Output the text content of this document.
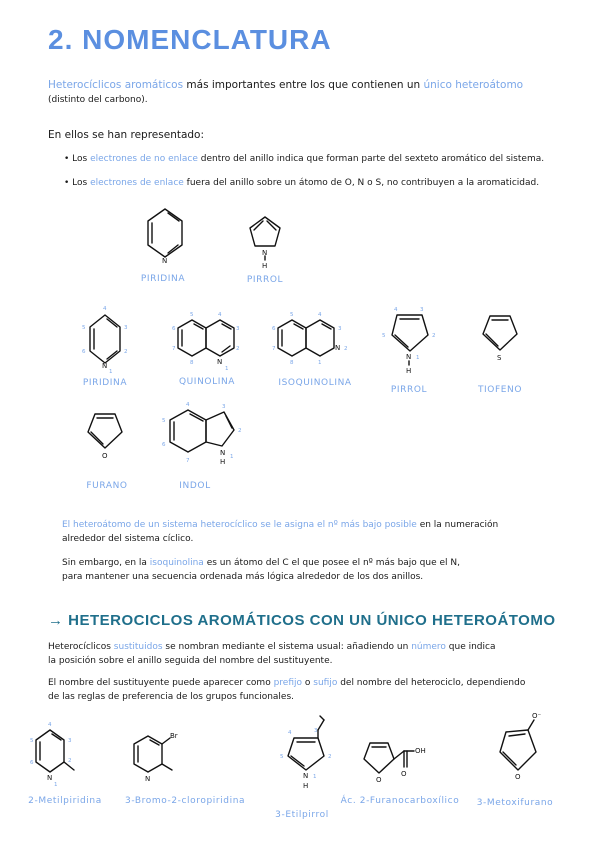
2. NOMENCLATURA
Heterocíclicos aromáticos más importantes entre los que contienen un único heteroátomo
(distinto del carbono).
En ellos se han representado:
• Los electrones de no enlace dentro del anillo indica que forman parte del sexteto aromático del sistema.
• Los electrones de enlace fuera del anillo sobre un átomo de O, N o S, no contribuyen a la aromaticidad.
N
PIRIDINA
N
H
PIRROL
4
5	3
6	2
N
1
PIRIDINA
5	4
6	3
7	2
8	N
1
QUINOLINA
5	4
6	3
7	N 2
8	1
ISOQUINOLINA
4	3
5	2
N 1
H
PIRROL
S
TIOFENO
O
FURANO
4	3
5
2
6
7
N
H
1
INDOL
El heteroátomo de un sistema heterocíclico se le asigna el nº más bajo posible en la numeración
alrededor del sistema cíclico.
Sin embargo, en la isoquinolina es un átomo del C el que posee el nº más bajo que el N,
para mantener una secuencia ordenada más lógica alrededor de los dos anillos.
→ HETEROCICLOS AROMÁTICOS CON UN ÚNICO HETEROÁTOMO
Heterocíclicos sustituidos se nombran mediante el sistema usual: añadiendo un número que indica
la posición sobre el anillo seguida del nombre del sustituyente.
El nombre del sustituyente puede aparecer como prefijo o sufijo del nombre del heterociclo, dependiendo
de las reglas de preferencia de los grupos funcionales.
4
5	3
6	2
N
1
2-Metilpiridina
Br
N
3-Bromo-2-cloropiridina
4	3
5	2
N 1
H
3-Etilpirrol
OH
O
O
Ác. 2-Furanocarboxílico
O⁻
O
3-Metoxifurano
